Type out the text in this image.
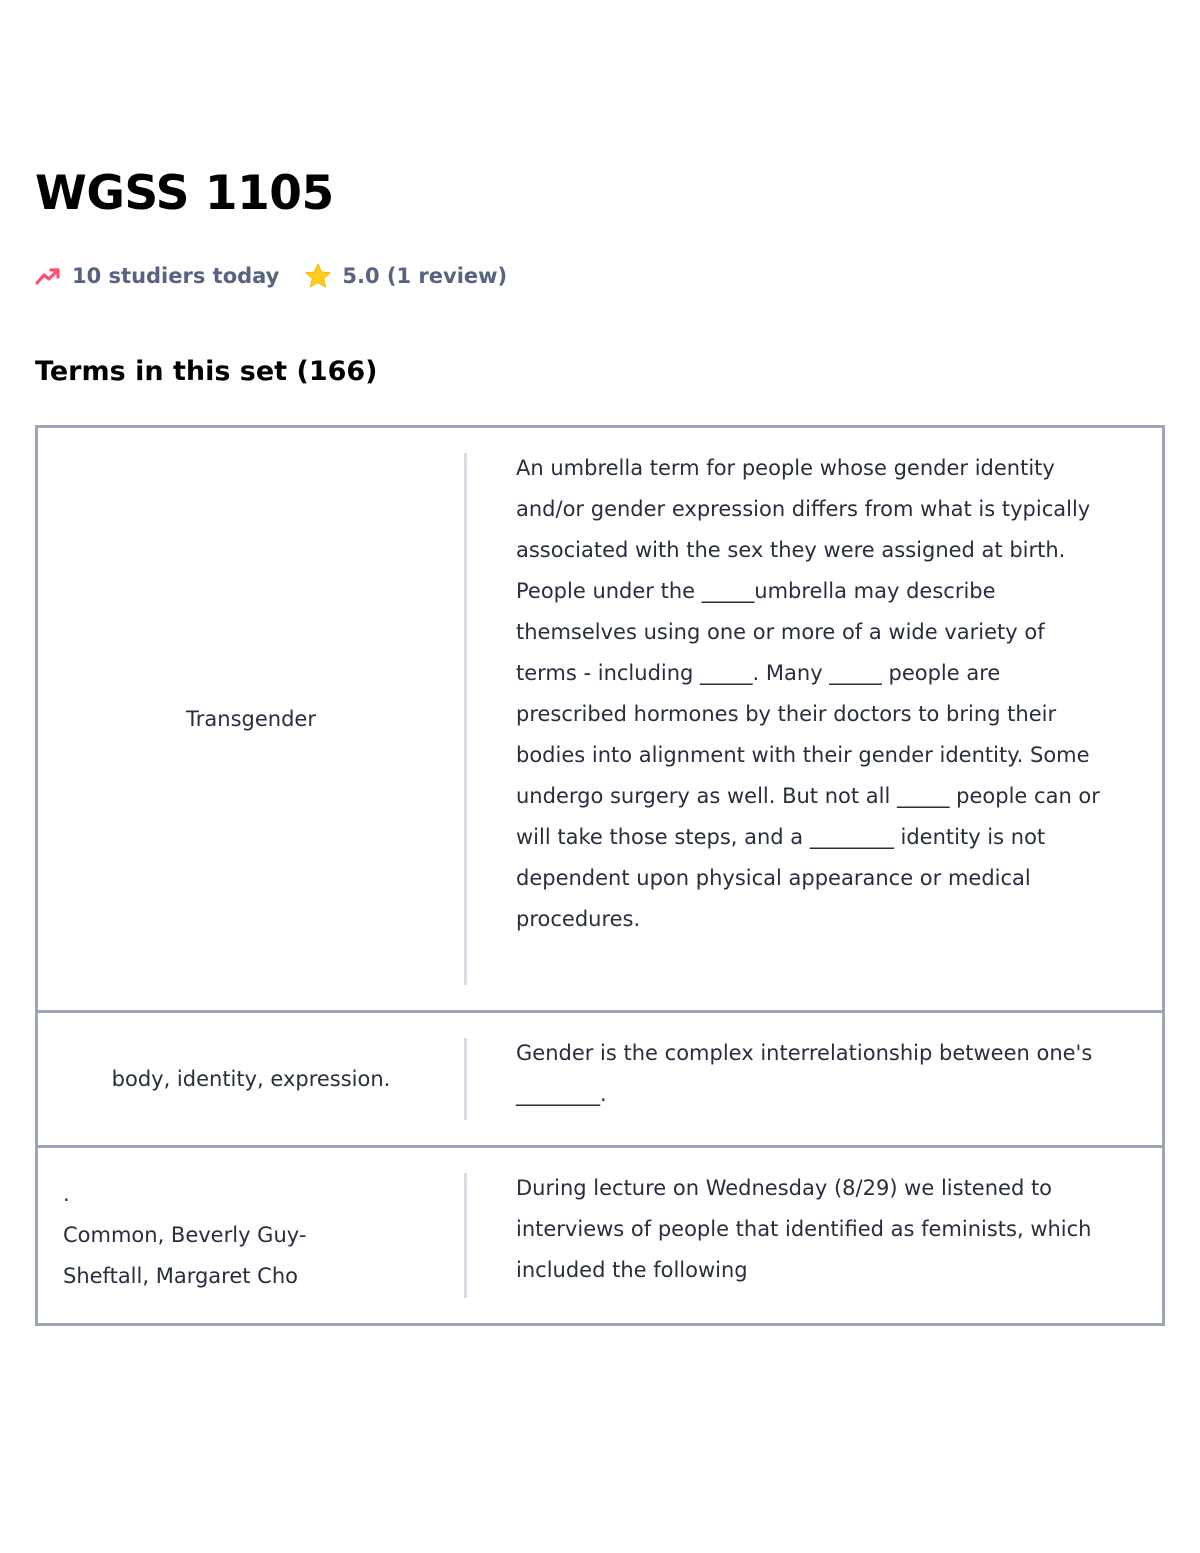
WGSS 1105
10 studiers today	5.0 (1 review)
Terms in this set (166)
Transgender
An umbrella term for people whose gender identity and/or gender expression differs from what is typically associated with the sex they were assigned at birth. People under the _____umbrella may describe themselves using one or more of a wide variety of terms - including _____. Many _____ people are prescribed hormones by their doctors to bring their bodies into alignment with their gender identity. Some undergo surgery as well. But not all _____ people can or will take those steps, and a ________ identity is not dependent upon physical appearance or medical procedures.
body, identity, expression.
Gender is the complex interrelationship between one's ________.
.
Common, Beverly Guy-
Sheftall, Margaret Cho
During lecture on Wednesday (8/29) we listened to interviews of people that identified as feminists, which included the following
